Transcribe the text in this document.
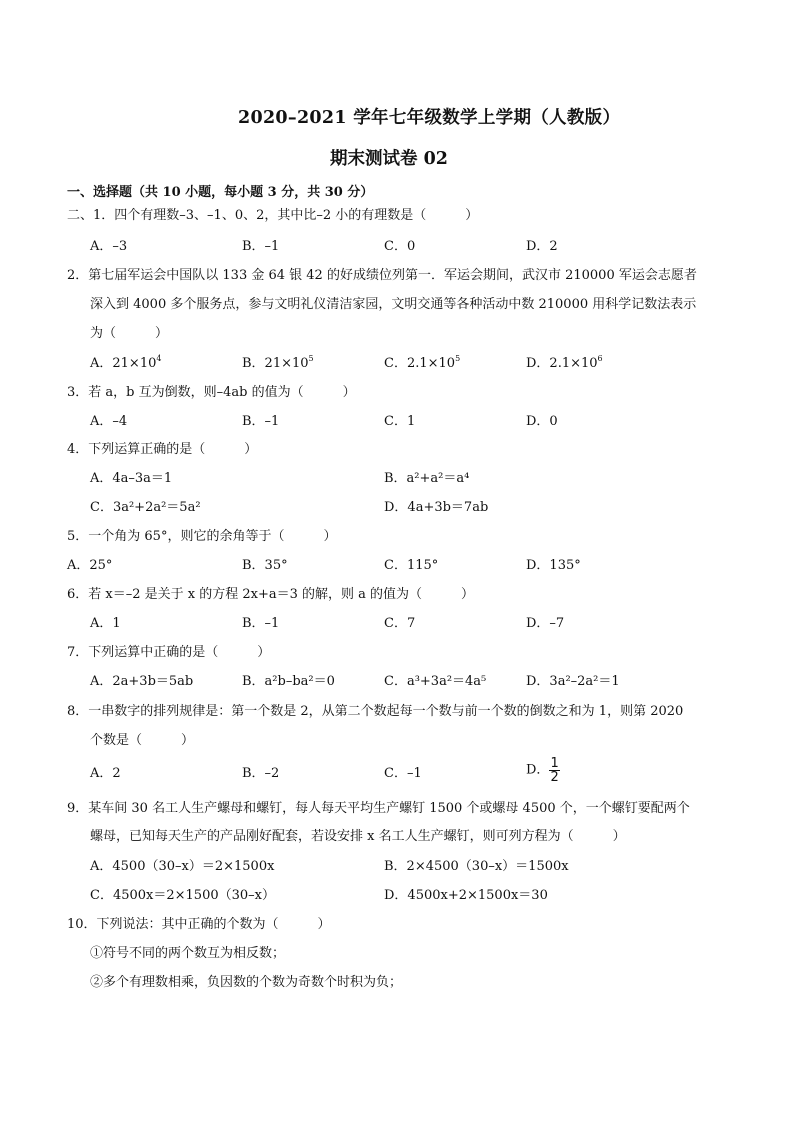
2020–2021 学年七年级数学上学期（人教版）
期末测试卷 02
一、选择题（共 10 小题，每小题 3 分，共 30 分）
二、1．四个有理数–3、–1、0、2，其中比–2 小的有理数是（　　　）
A．–3	B．–1	C．0	D．2
2．第七届军运会中国队以 133 金 64 银 42 的好成绩位列第一．军运会期间，武汉市 210000 军运会志愿者
深入到 4000 多个服务点，参与文明礼仪清洁家园，文明交通等各种活动中数 210000 用科学记数法表示
为（　　　）
A．$21\times 10^4$	B．$21\times 10^5$	C．$2.1\times 10^5$	D．$2.1\times 10^6$
3．若 a，b 互为倒数，则–4ab 的值为（　　　）
A．–4	B．–1	C．1	D．0
4．下列运算正确的是（　　　）
A．4a–3a＝1	B．a²+a²＝a⁴
C．3a²+2a²＝5a²	D．4a+3b＝7ab
5．一个角为 65°，则它的余角等于（　　　）
A．25°	B．35°	C．115°	D．135°
6．若 x＝–2 是关于 x 的方程 2x+a＝3 的解，则 a 的值为（　　　）
A．1	B．–1	C．7	D．–7
7．下列运算中正确的是（　　　）
A．2a+3b＝5ab	B．a²b–ba²＝0	C．a³+3a²＝4a⁵	D．3a²–2a²＝1
8．一串数字的排列规律是：第一个数是 2，从第二个数起每一个数与前一个数的倒数之和为 1，则第 2020
个数是（　　　）
A．2	B．–2	C．–1	D． $\frac{1}{2}$
9．某车间 30 名工人生产螺母和螺钉，每人每天平均生产螺钉 1500 个或螺母 4500 个，一个螺钉要配两个
螺母，已知每天生产的产品刚好配套，若设安排 x 名工人生产螺钉，则可列方程为（　　　）
A．4500（30–x）＝2×1500x	B．2×4500（30–x）＝1500x
C．4500x＝2×1500（30–x）	D．4500x+2×1500x＝30
10．下列说法：其中正确的个数为（　　　）
①符号不同的两个数互为相反数；
②多个有理数相乘，负因数的个数为奇数个时积为负；
